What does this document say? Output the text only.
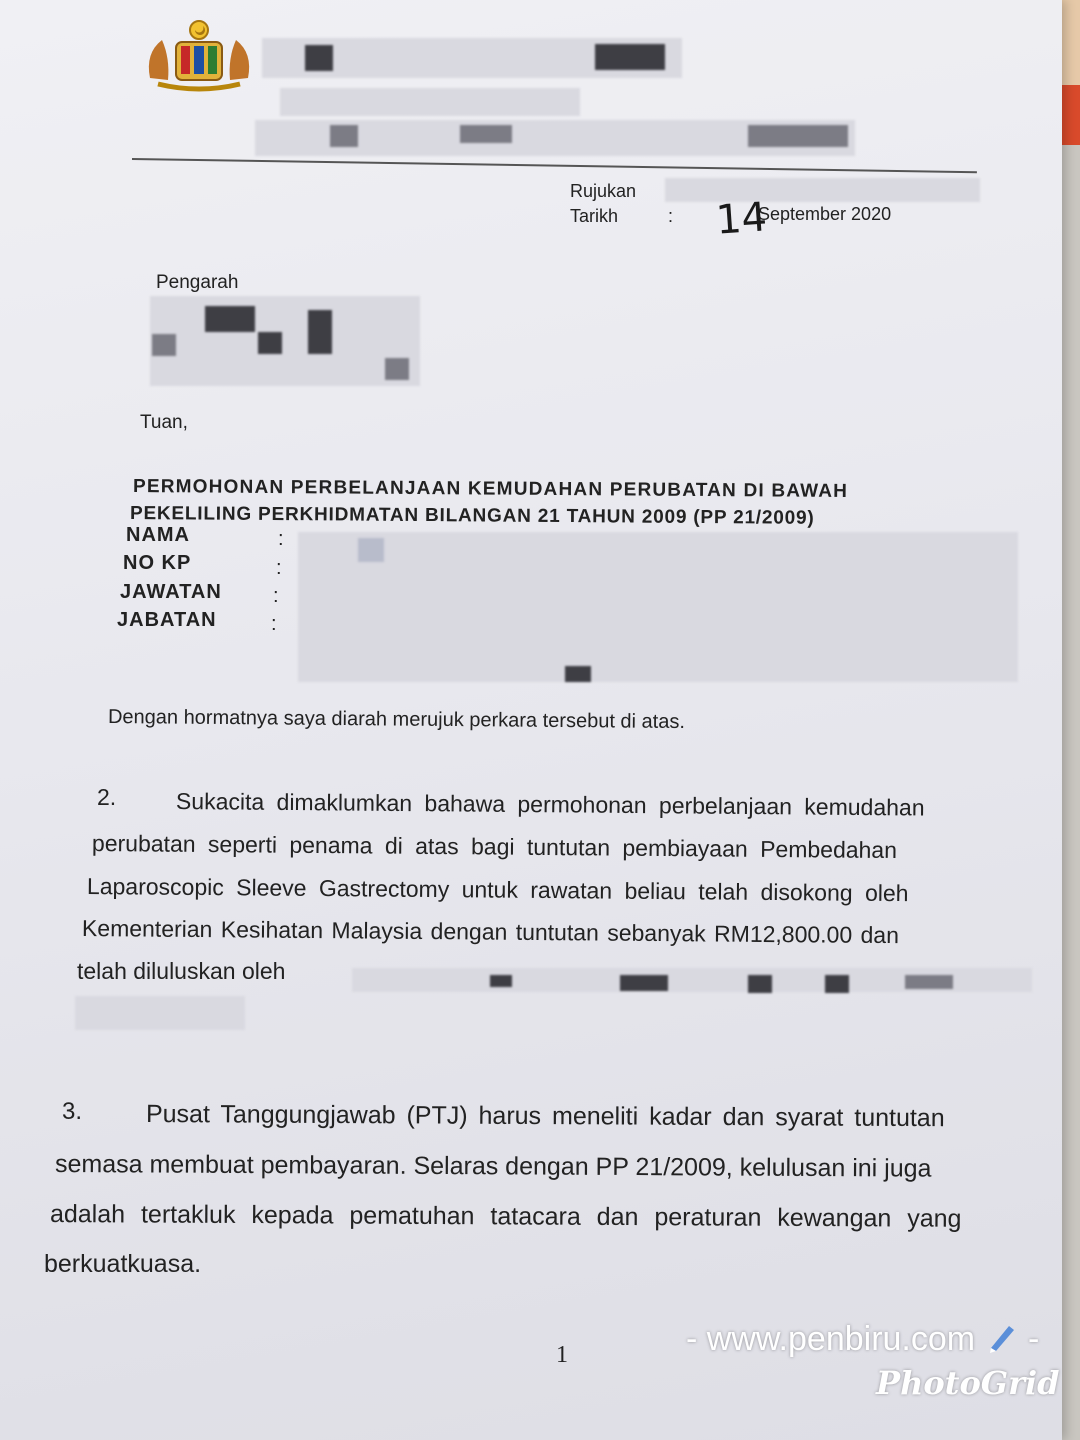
Rujukan
Tarikh	: 14
September 2020
Pengarah
Tuan,
PERMOHONAN PERBELANJAAN KEMUDAHAN PERUBATAN DI BAWAH
PEKELILING PERKHIDMATAN BILANGAN 21 TAHUN 2009 (PP 21/2009)
NAMA	:
NO KP	:
JAWATAN	:
JABATAN	:
Dengan hormatnya saya diarah merujuk perkara tersebut di atas.
2.	Sukacita dimaklumkan bahawa permohonan perbelanjaan kemudahan
perubatan seperti penama di atas bagi tuntutan pembiayaan Pembedahan
Laparoscopic Sleeve Gastrectomy untuk rawatan beliau telah disokong oleh
Kementerian Kesihatan Malaysia dengan tuntutan sebanyak RM12,800.00 dan
telah diluluskan oleh
3.	Pusat Tanggungjawab (PTJ) harus meneliti kadar dan syarat tuntutan
semasa membuat pembayaran. Selaras dengan PP 21/2009, kelulusan ini juga
adalah tertakluk kepada pematuhan tatacara dan peraturan kewangan yang
berkuatkuasa.
1	- www.penbiru.com -
PhotoGrid
